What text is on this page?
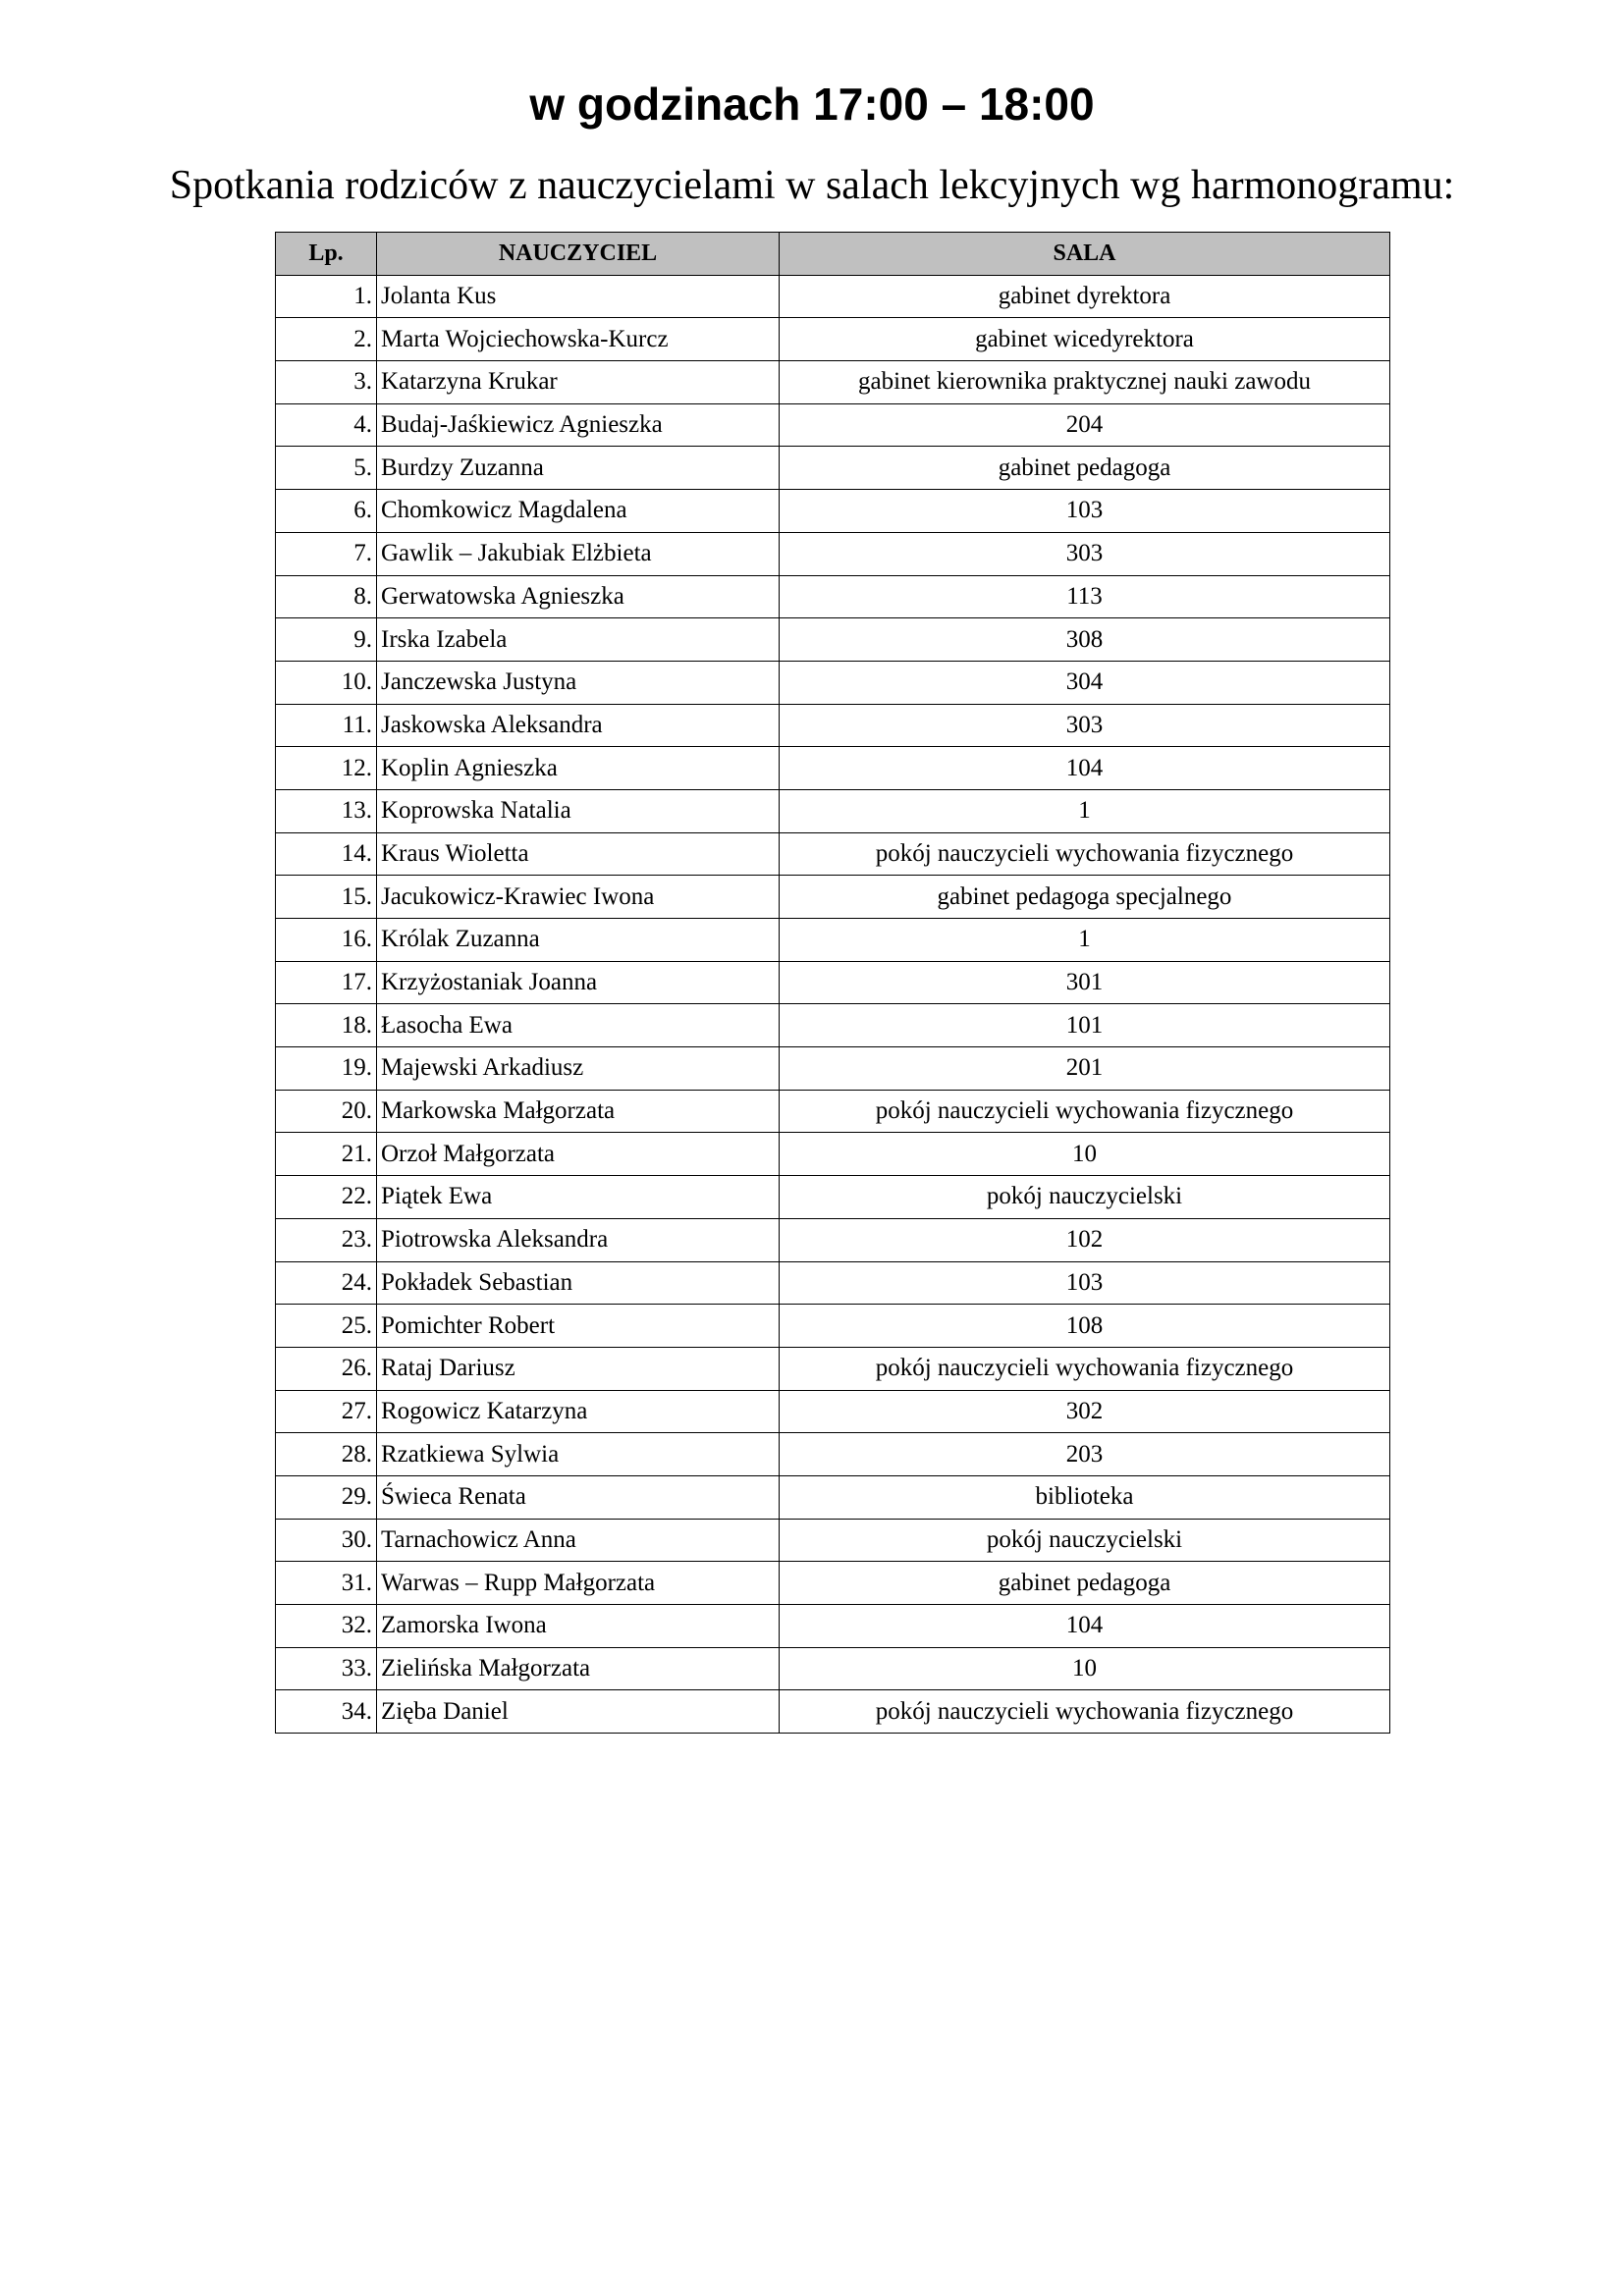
w godzinach 17:00 – 18:00

Spotkania rodziców z nauczycielami w salach lekcyjnych wg harmonogramu:

Lp.	NAUCZYCIEL	SALA
1.	Jolanta Kus	gabinet dyrektora
2.	Marta Wojciechowska-Kurcz	gabinet wicedyrektora
3.	Katarzyna Krukar	gabinet kierownika praktycznej nauki zawodu
4.	Budaj-Jaśkiewicz Agnieszka	204
5.	Burdzy Zuzanna	gabinet pedagoga
6.	Chomkowicz Magdalena	103
7.	Gawlik – Jakubiak Elżbieta	303
8.	Gerwatowska Agnieszka	113
9.	Irska Izabela	308
10.	Janczewska Justyna	304
11.	Jaskowska Aleksandra	303
12.	Koplin Agnieszka	104
13.	Koprowska Natalia	1
14.	Kraus Wioletta	pokój nauczycieli wychowania fizycznego
15.	Jacukowicz-Krawiec Iwona	gabinet pedagoga specjalnego
16.	Królak Zuzanna	1
17.	Krzyżostaniak Joanna	301
18.	Łasocha Ewa	101
19.	Majewski Arkadiusz	201
20.	Markowska Małgorzata	pokój nauczycieli wychowania fizycznego
21.	Orzoł Małgorzata	10
22.	Piątek Ewa	pokój nauczycielski
23.	Piotrowska Aleksandra	102
24.	Pokładek Sebastian	103
25.	Pomichter Robert	108
26.	Rataj Dariusz	pokój nauczycieli wychowania fizycznego
27.	Rogowicz Katarzyna	302
28.	Rzatkiewa Sylwia	203
29.	Świeca Renata	biblioteka
30.	Tarnachowicz Anna	pokój nauczycielski
31.	Warwas – Rupp Małgorzata	gabinet pedagoga
32.	Zamorska Iwona	104
33.	Zielińska Małgorzata	10
34.	Zięba Daniel	pokój nauczycieli wychowania fizycznego
